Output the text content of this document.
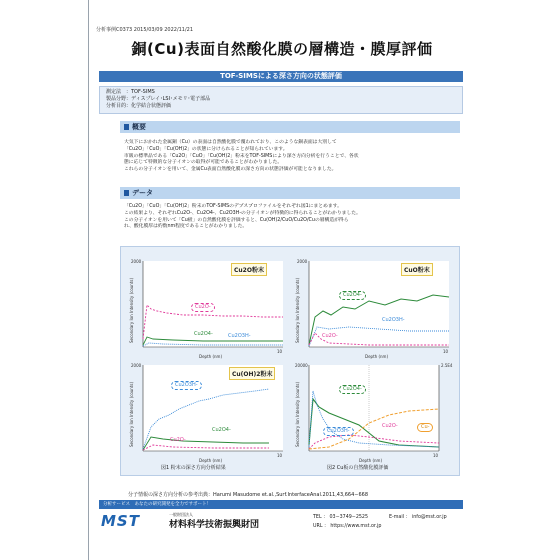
分析事例C0373 2015/03/09 2022/11/21
銅(Cu)表面自然酸化膜の層構造・膜厚評価
TOF-SIMSによる深さ方向の状態評価
測定法　：TOF-SIMS
製品分野：ディスプレイ･LSI･メモリ･電子部品
分析目的：化学結合状態評価
概要
大気下におかれた金属銅（Cu）の表面は自然酸化膜で覆われており、このような銅表面は大別して
「Cu2O」「CuO」「Cu(OH)2」の状態に分けられることが知られています。
市販の標準品である「Cu2O」「CuO」「Cu(OH)2」粉末をTOF-SIMSにより深さ方向分析を行うことで、各状
態に応じて特徴的な分子イオンの取得が可能であることがわかりました。
これらの分子イオンを用いて、金属Cu表面自然酸化膜の深さ方向の状態評価が可能となりました。
データ
「Cu2O」「CuO」「Cu(OH)2」粉末のTOF-SIMSのデプスプロファイルをそれぞれ図1にまとめます。
この結果より、それぞれCu2O-、Cu2O4-、Cu2O3H-の分子イオンが特徴的に得られることがわかりました。
この分子イオンを用いて「Cu板」の自然酸化膜を評価すると、Cu(OH)2/CuO/Cu2O/Cuの層構造が得ら
れ、酸化膜厚は約数nm程度であることがわかりました。
Cu2O粉末
Cu2O-
Cu2O4-	Cu2O3H-
2000
10
Depth (nm)
Secondary Ion Intensity (counts)
CuO粉末
Cu2O4-
Cu2O3H-
Cu2O-
2000
10
Depth (nm)
Secondary Ion Intensity (counts)
Cu(OH)2粉末
Cu2O3H-
Cu2O4-
Cu2O-
2000
10
Depth (nm)
Secondary Ion Intensity (counts)	Cu2O4-
Cu2O3H-
Cu2O-	Cu-
20000	2.5E4
10
Depth (nm)
Secondary Ion Intensity (counts)
図1 粉末の深さ方向分析結果	図2 Cu板の自然酸化膜評価
分子情報の深さ方向分析の参考出典：Harumi Masudome et.al.,Surf.InterfaceAnal.2011,43,664−668
分析サービス　あなたの研究開発を全力でサポート！
MST	一般財団法人
材料科学技術振興財団
TEL ： 03−3749−2525	E-mail ： info@mst.or.jp
URL ： https://www.mst.or.jp
